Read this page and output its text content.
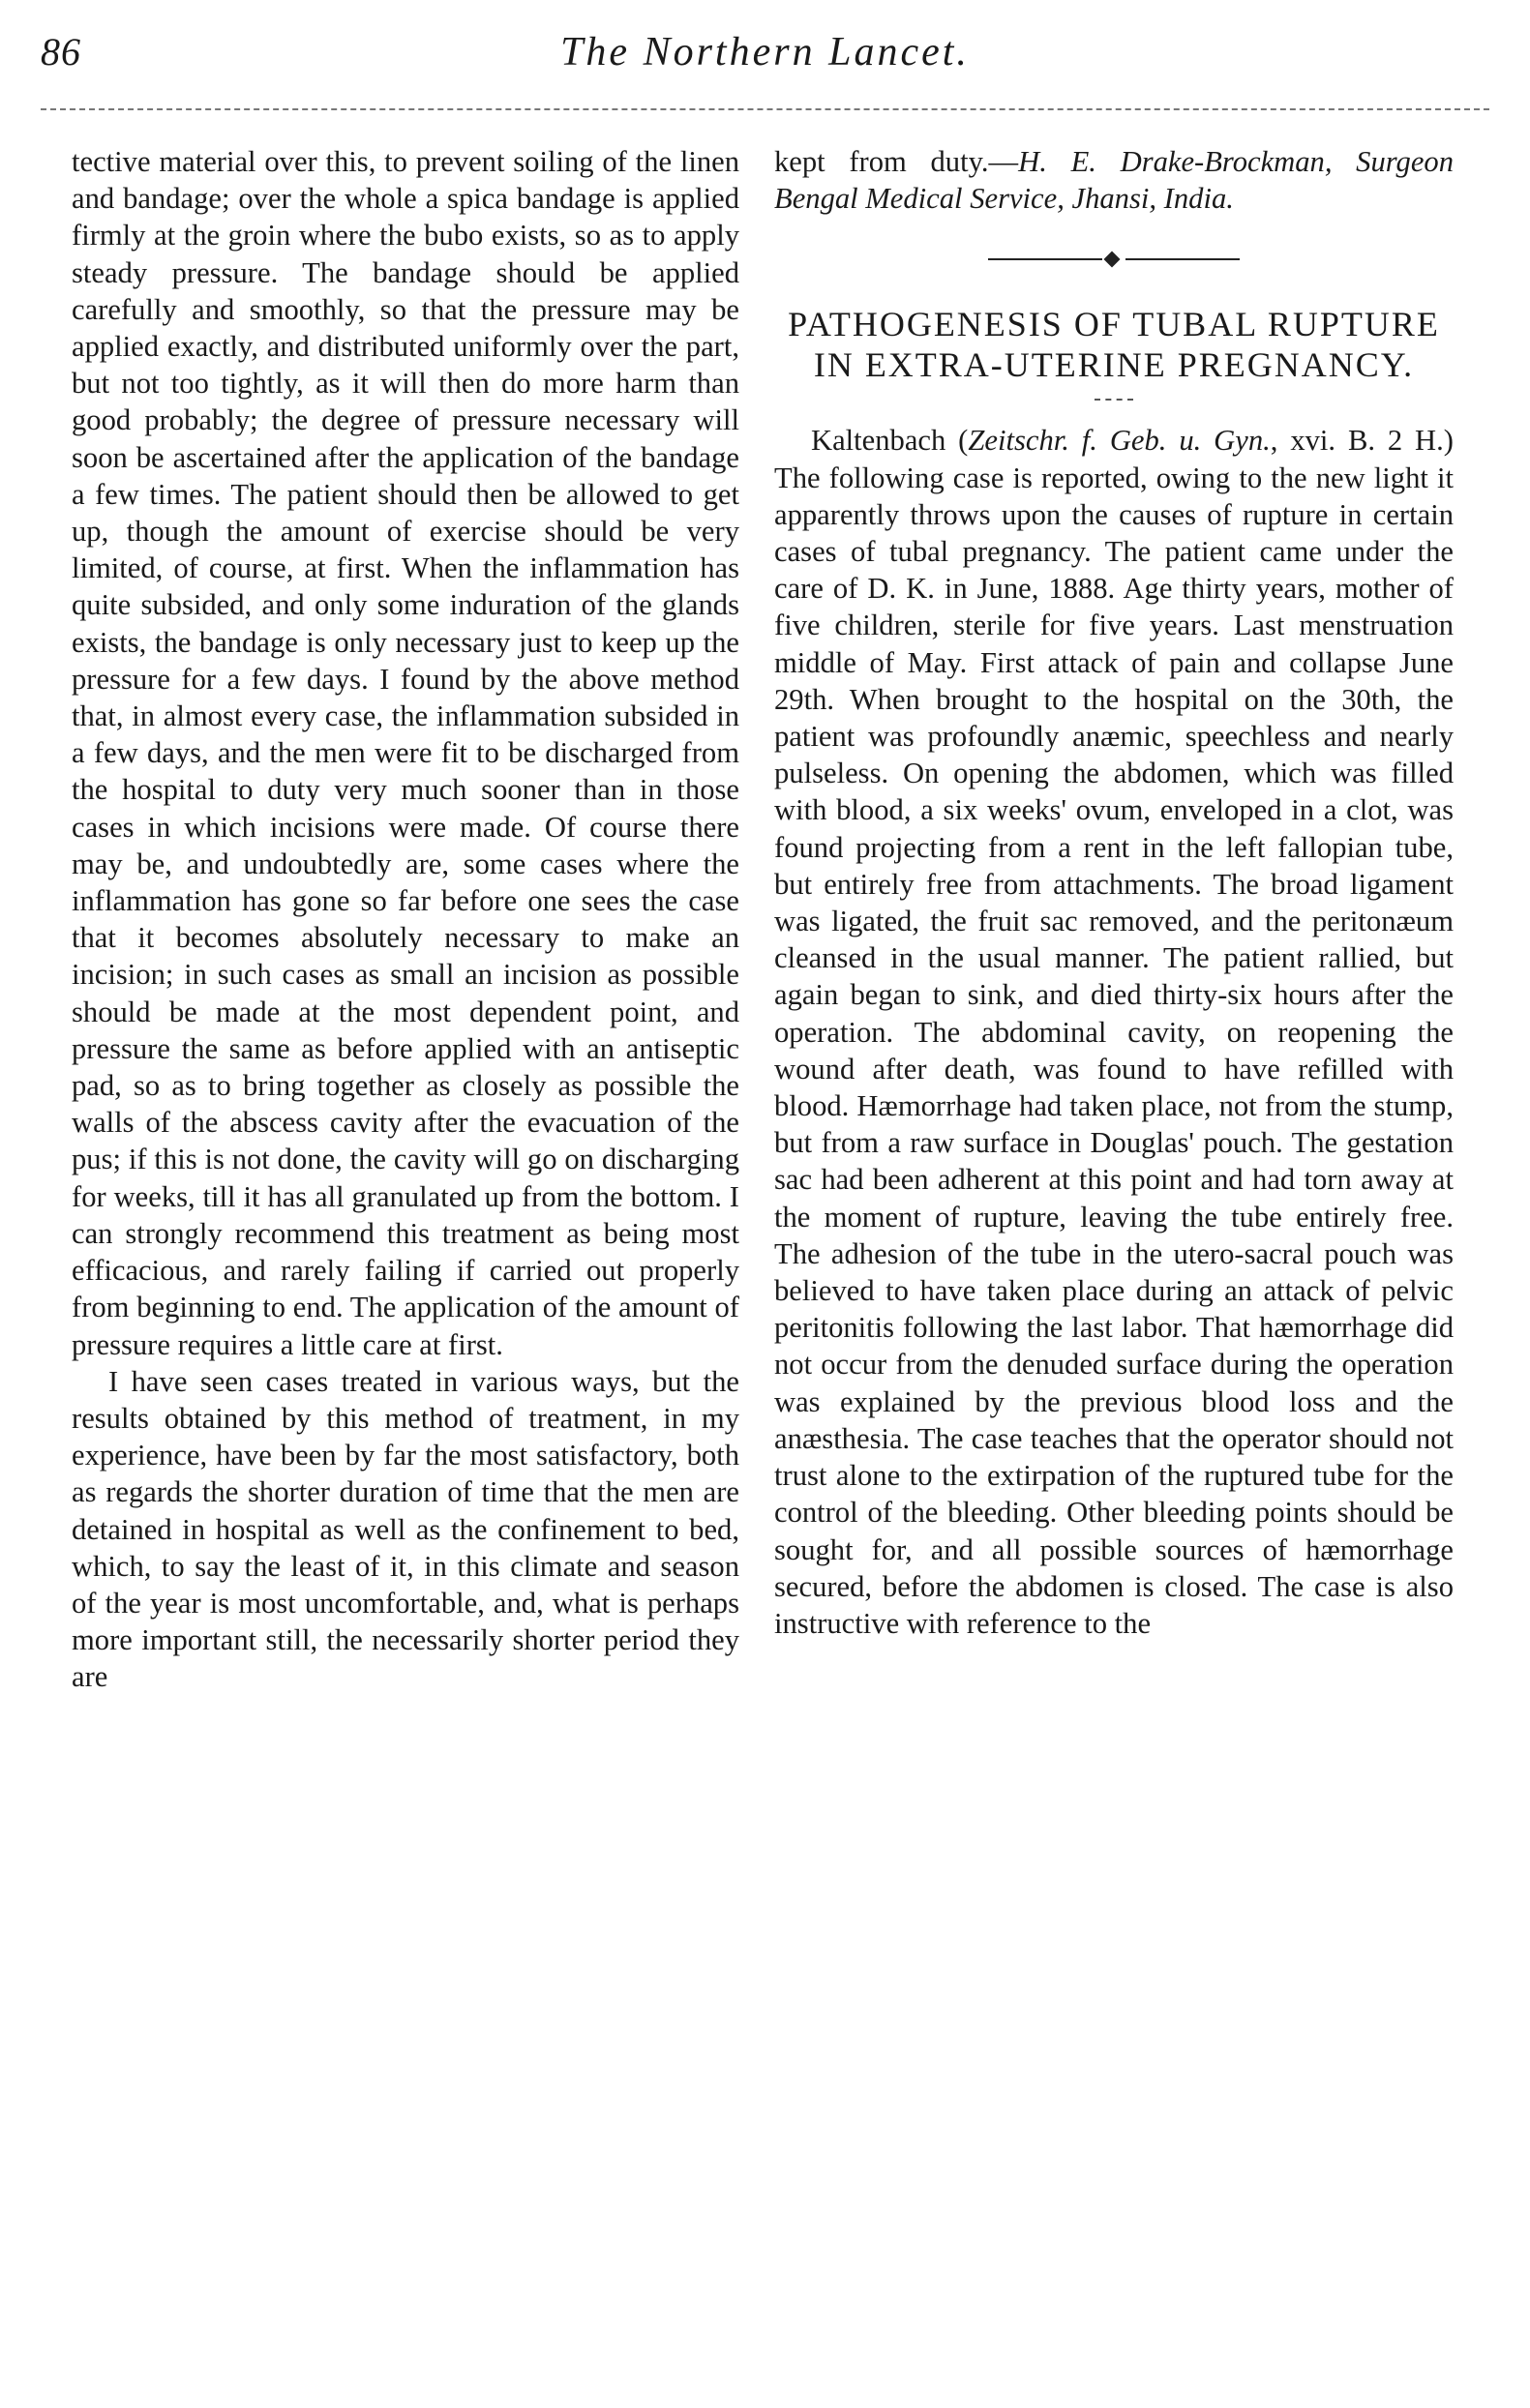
86	The Northern Lancet.

tective material over this, to prevent soiling of the linen and bandage; over the whole a spica bandage is applied firmly at the groin where the bubo exists, so as to apply steady pressure. The bandage should be applied carefully and smoothly, so that the pressure may be applied exactly, and distributed uniformly over the part, but not too tightly, as it will then do more harm than good probably; the degree of pressure necessary will soon be ascertained after the application of the bandage a few times. The patient should then be allowed to get up, though the amount of exercise should be very limited, of course, at first. When the inflammation has quite subsided, and only some induration of the glands exists, the bandage is only necessary just to keep up the pressure for a few days. I found by the above method that, in almost every case, the inflammation subsided in a few days, and the men were fit to be discharged from the hospital to duty very much sooner than in those cases in which incisions were made. Of course there may be, and undoubtedly are, some cases where the inflammation has gone so far before one sees the case that it becomes absolutely necessary to make an incision; in such cases as small an incision as possible should be made at the most dependent point, and pressure the same as before applied with an antiseptic pad, so as to bring together as closely as possible the walls of the abscess cavity after the evacuation of the pus; if this is not done, the cavity will go on discharging for weeks, till it has all granulated up from the bottom. I can strongly recommend this treatment as being most efficacious, and rarely failing if carried out properly from beginning to end. The application of the amount of pressure requires a little care at first.

I have seen cases treated in various ways, but the results obtained by this method of treatment, in my experience, have been by far the most satisfactory, both as regards the shorter duration of time that the men are detained in hospital as well as the confinement to bed, which, to say the least of it, in this climate and season of the year is most uncomfortable, and, what is perhaps more important still, the necessarily shorter period they are

kept from duty.—H. E. Drake-Brockman, Surgeon Bengal Medical Service, Jhansi, India.

PATHOGENESIS OF TUBAL RUPTURE IN EXTRA-UTERINE PREGNANCY.

Kaltenbach (Zeitschr. f. Geb. u. Gyn., xvi. B. 2 H.) The following case is reported, owing to the new light it apparently throws upon the causes of rupture in certain cases of tubal pregnancy. The patient came under the care of D. K. in June, 1888. Age thirty years, mother of five children, sterile for five years. Last menstruation middle of May. First attack of pain and collapse June 29th. When brought to the hospital on the 30th, the patient was profoundly anæmic, speechless and nearly pulseless. On opening the abdomen, which was filled with blood, a six weeks' ovum, enveloped in a clot, was found projecting from a rent in the left fallopian tube, but entirely free from attachments. The broad ligament was ligated, the fruit sac removed, and the peritonæum cleansed in the usual manner. The patient rallied, but again began to sink, and died thirty-six hours after the operation. The abdominal cavity, on reopening the wound after death, was found to have refilled with blood. Hæmorrhage had taken place, not from the stump, but from a raw surface in Douglas' pouch. The gestation sac had been adherent at this point and had torn away at the moment of rupture, leaving the tube entirely free. The adhesion of the tube in the utero-sacral pouch was believed to have taken place during an attack of pelvic peritonitis following the last labor. That hæmorrhage did not occur from the denuded surface during the operation was explained by the previous blood loss and the anæsthesia. The case teaches that the operator should not trust alone to the extirpation of the ruptured tube for the control of the bleeding. Other bleeding points should be sought for, and all possible sources of hæmorrhage secured, before the abdomen is closed. The case is also instructive with reference to the
